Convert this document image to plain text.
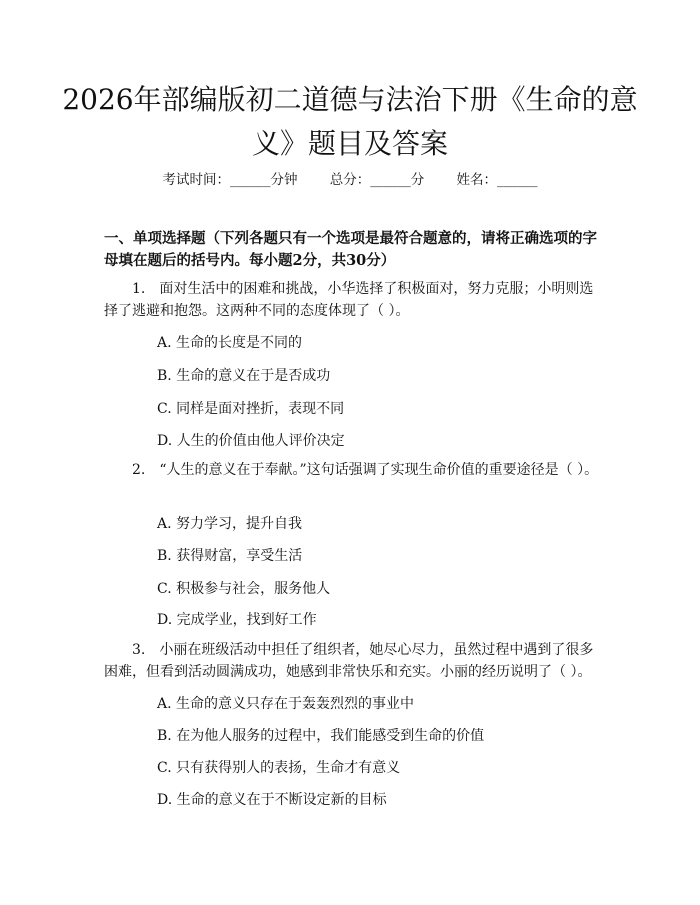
2026年部编版初二道德与法治下册《生命的意义》题目及答案
考试时间：______分钟 总分：______分 姓名：______
一、单项选择题（下列各题只有一个选项是最符合题意的，请将正确选项的字母填在题后的括号内。每小题2分，共30分）
1.　面对生活中的困难和挑战，小华选择了积极面对，努力克服；小明则选择了逃避和抱怨。这两种不同的态度体现了（ ）。
A. 生命的长度是不同的
B. 生命的意义在于是否成功
C. 同样是面对挫折，表现不同
D. 人生的价值由他人评价决定
2.　“人生的意义在于奉献。”这句话强调了实现生命价值的重要途径是（ ）。
A. 努力学习，提升自我
B. 获得财富，享受生活
C. 积极参与社会，服务他人
D. 完成学业，找到好工作
3.　小丽在班级活动中担任了组织者，她尽心尽力，虽然过程中遇到了很多困难，但看到活动圆满成功，她感到非常快乐和充实。小丽的经历说明了（ ）。
A. 生命的意义只存在于轰轰烈烈的事业中
B. 在为他人服务的过程中，我们能感受到生命的价值
C. 只有获得别人的表扬，生命才有意义
D. 生命的意义在于不断设定新的目标
